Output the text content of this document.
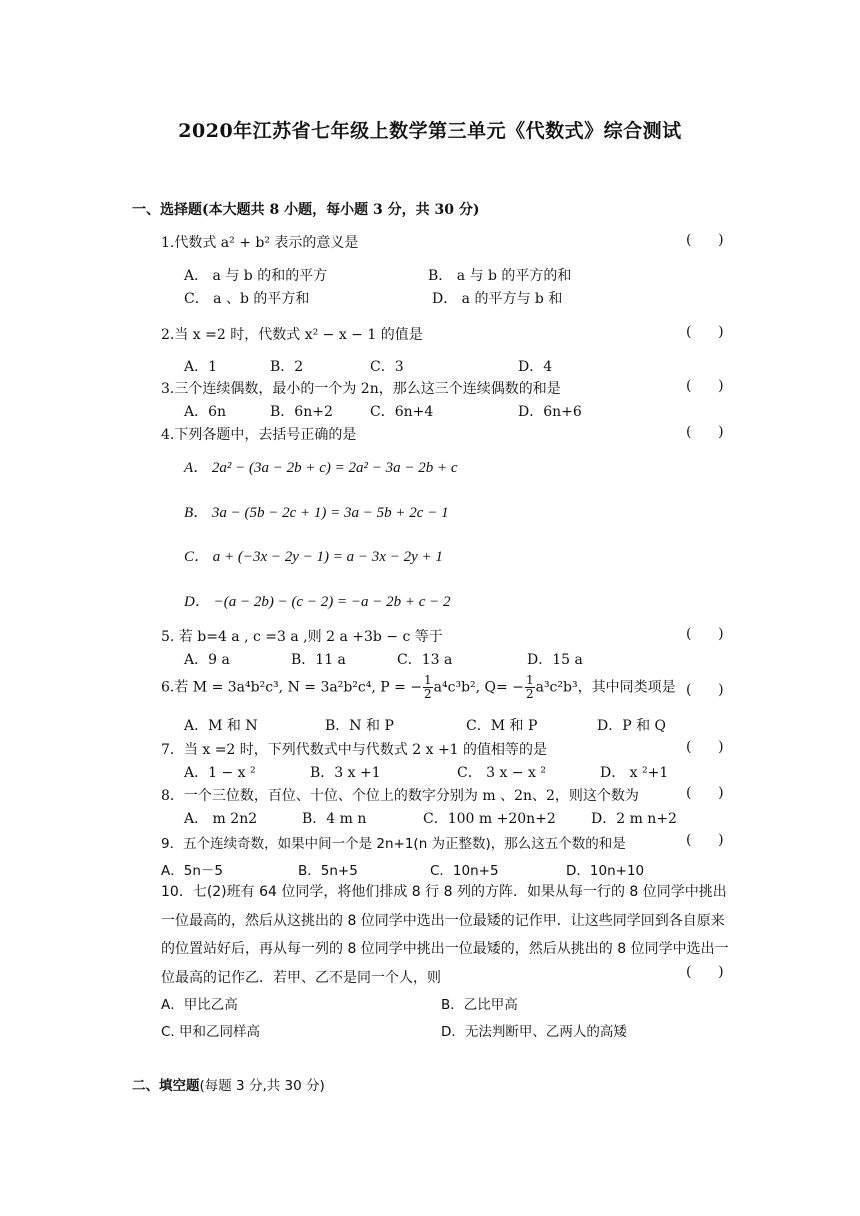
2020年江苏省七年级上数学第三单元《代数式》综合测试
一、选择题(本大题共 8 小题，每小题 3 分，共 30 分)
1.代数式 a² + b² 表示的意义是	(      )
A． a 与 b 的和的平方	B． a 与 b 的平方的和
C． a 、b 的平方和	D． a 的平方与 b 和
2.当 x =2 时，代数式 x² − x − 1 的值是	(      )
A．1	B．2	C．3	D．4
3.三个连续偶数，最小的一个为 2n，那么这三个连续偶数的和是	(      )
A．6n	B．6n+2	C．6n+4	D．6n+6
4.下列各题中，去括号正确的是	(      )
A． 2a² − (3a − 2b + c) = 2a² − 3a − 2b + c
B． 3a − (5b − 2c + 1) = 3a − 5b + 2c − 1
C． a + (−3x − 2y − 1) = a − 3x − 2y + 1
D． −(a − 2b) − (c − 2) = −a − 2b + c − 2
5. 若 b=4 a , c =3 a ,则 2 a +3b − c 等于	(      )
A．9 a	B．11 a	C．13 a	D．15 a
6.若 M = 3a⁴b²c³, N = 3a²b²c⁴, P = − $\frac{1}{2} a^4c^3b^2$, $Q= - \frac{1}{2} a^3c^2b^3$，其中同类项是 (      )
A．M 和 N	B．N 和 P	C．M 和 P	D．P 和 Q
7．当 x =2 时，下列代数式中与代数式 2 x +1 的值相等的是	(      )
A．1 − x ²	B．3 x +1	C． 3 x − x ²	D． x ²+1
8．一个三位数，百位、十位、个位上的数字分别为 m 、2n、2，则这个数为	(      )
A． m 2n2	B．4 m n	C．100 m +20n+2	D．2 m n+2
9．五个连续奇数，如果中间一个是 2n+1(n 为正整数)，那么这五个数的和是	(      )
A．5n－5	B．5n+5	C．10n+5	D．10n+10
10．七(2)班有 64 位同学，将他们排成 8 行 8 列的方阵．如果从每一行的 8 位同学中挑出一位最高的，然后从这挑出的 8 位同学中选出一位最矮的记作甲．让这些同学回到各自原来的位置站好后，再从每一列的 8 位同学中挑出一位最矮的，然后从挑出的 8 位同学中选出一位最高的记作乙．若甲、乙不是同一个人，则	(      )
A．甲比乙高	B．乙比甲高
C. 甲和乙同样高	D．无法判断甲、乙两人的高矮
二、填空题(每题 3 分,共 30 分)
